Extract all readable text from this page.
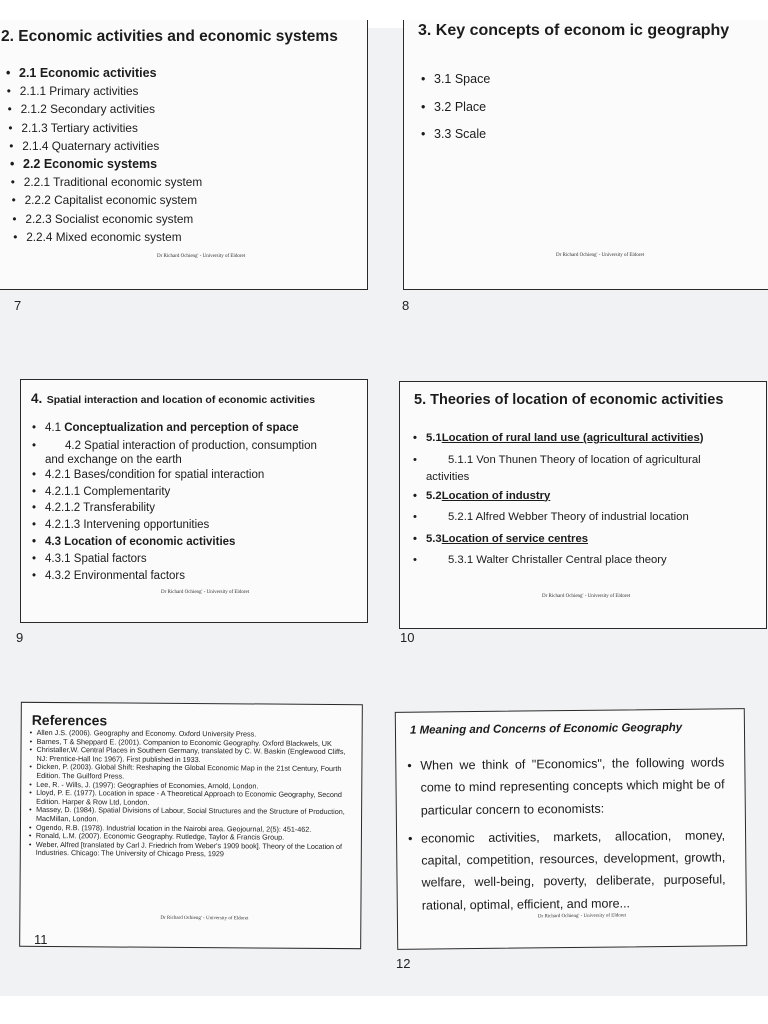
2. Economic activities and economic systems
• 2.1 Economic activities
• 2.1.1 Primary activities
• 2.1.2 Secondary activities
• 2.1.3 Tertiary activities
• 2.1.4 Quaternary activities
• 2.2 Economic systems
• 2.2.1 Traditional economic system
• 2.2.2 Capitalist economic system
• 2.2.3 Socialist economic system
• 2.2.4 Mixed economic system
Dr Richard Ochieng' - University of Eldoret
7
3. Key concepts of econom ic geography
• 3.1 Space
• 3.2 Place
• 3.3 Scale
Dr Richard Ochieng' - University of Eldoret
8
4. Spatial interaction and location of economic activities
• 4.1 Conceptualization and perception of space
• 4.2 Spatial interaction of production, consumption
and exchange on the earth
• 4.2.1 Bases/condition for spatial interaction
• 4.2.1.1 Complementarity
• 4.2.1.2 Transferability
• 4.2.1.3 Intervening opportunities
• 4.3 Location of economic activities
• 4.3.1 Spatial factors
• 4.3.2 Environmental factors
Dr Richard Ochieng' - University of Eldoret
9
5. Theories of location of economic activities
• 5.1Location of rural land use (agricultural activities)
• 5.1.1 Von Thunen Theory of location of agricultural
activities
• 5.2Location of industry
• 5.2.1 Alfred Webber Theory of industrial location
• 5.3Location of service centres
• 5.3.1 Walter Christaller Central place theory
Dr Richard Ochieng' - University of Eldoret
10
References
• Allen J.S. (2006). Geography and Economy. Oxford University Press.
• Barnes, T & Sheppard E. (2001). Companion to Economic Geography. Oxford Blackwels, UK
• Christaller,W. Central Places in Southern Germany, translated by C. W. Baskin (Englewood Cliffs, NJ: Prentice-Hall Inc 1967). First published in 1933.
• Dicken, P. (2003). Global Shift: Reshaping the Global Economic Map in the 21st Century, Fourth Edition. The Guilford Press.
• Lee, R. - Wills, J. (1997): Geographies of Economies, Arnold, London.
• Lloyd, P. E. (1977). Location in space - A Theoretical Approach to Economic Geography, Second Edition. Harper & Row Ltd, London.
• Massey, D. (1984). Spatial Divisions of Labour, Social Structures and the Structure of Production, MacMillan, London.
• Ogendo, R.B. (1978). Industrial location in the Nairobi area. Geojournal, 2(5): 451-462.
• Ronald, L.M. (2007). Economic Geography. Rutledge, Taylor & Francis Group.
• Weber, Alfred [translated by Carl J. Friedrich from Weber's 1909 book]. Theory of the Location of Industries. Chicago: The University of Chicago Press, 1929
Dr Richard Ochieng' - University of Eldoret
11
1 Meaning and Concerns of Economic Geography
• When we think of "Economics", the following words come to mind representing concepts which might be of particular concern to economists:
• economic activities, markets, allocation, money, capital, competition, resources, development, growth, welfare, well-being, poverty, deliberate, purposeful, rational, optimal, efficient, and more...
Dr Richard Ochieng' - University of Eldoret
12
